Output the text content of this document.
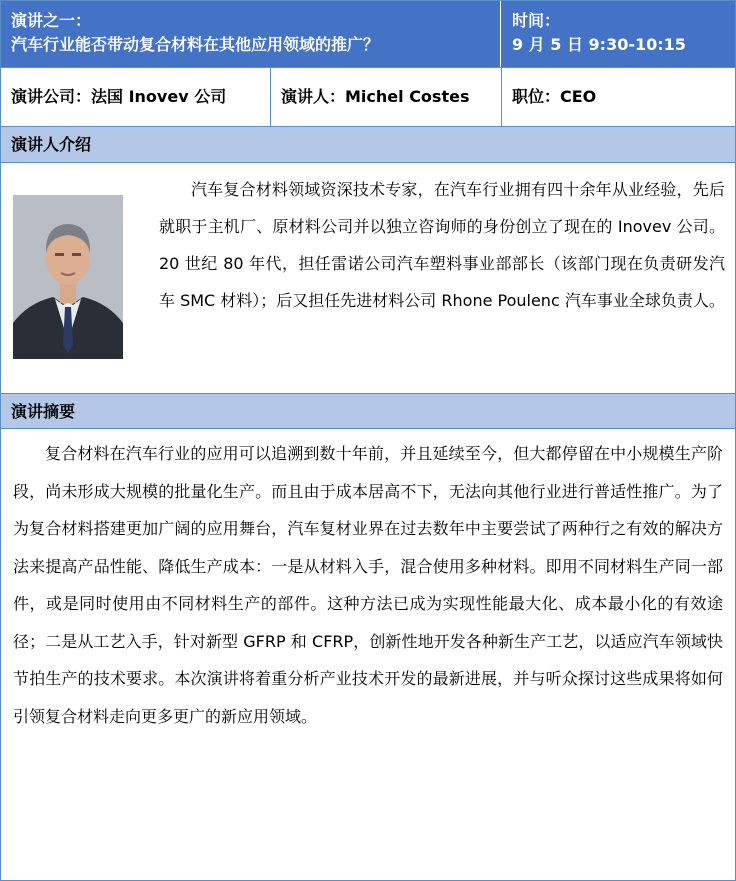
演讲之一：
汽车行业能否带动复合材料在其他应用领域的推广？
时间：
9 月 5 日 9:30-10:15
演讲公司：法国 Inovev 公司	演讲人：Michel Costes	职位：CEO
演讲人介绍
汽车复合材料领域资深技术专家，在汽车行业拥有四十余年从业经验，先后就职于主机厂、原材料公司并以独立咨询师的身份创立了现在的 Inovev 公司。20 世纪 80 年代，担任雷诺公司汽车塑料事业部部长（该部门现在负责研发汽车 SMC 材料）；后又担任先进材料公司 Rhone Poulenc 汽车事业全球负责人。
演讲摘要
复合材料在汽车行业的应用可以追溯到数十年前，并且延续至今，但大都停留在中小规模生产阶段，尚未形成大规模的批量化生产。而且由于成本居高不下，无法向其他行业进行普适性推广。为了为复合材料搭建更加广阔的应用舞台，汽车复材业界在过去数年中主要尝试了两种行之有效的解决方法来提高产品性能、降低生产成本：一是从材料入手，混合使用多种材料。即用不同材料生产同一部件，或是同时使用由不同材料生产的部件。这种方法已成为实现性能最大化、成本最小化的有效途径；二是从工艺入手，针对新型 GFRP 和 CFRP，创新性地开发各种新生产工艺，以适应汽车领域快节拍生产的技术要求。本次演讲将着重分析产业技术开发的最新进展，并与听众探讨这些成果将如何引领复合材料走向更多更广的新应用领域。
